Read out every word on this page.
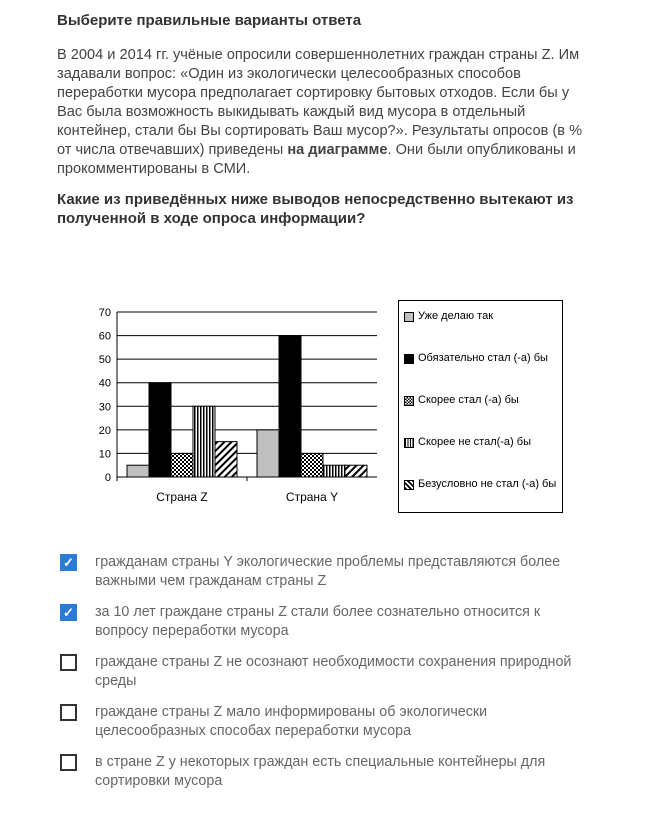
Выберите правильные варианты ответа
В 2004 и 2014 гг. учёные опросили совершеннолетних граждан страны Z. Им задавали вопрос: «Один из экологически целесообразных способов переработки мусора предполагает сортировку бытовых отходов. Если бы у Вас была возможность выкидывать каждый вид мусора в отдельный контейнер, стали бы Вы сортировать Ваш мусор?». Результаты опросов (в % от числа отвечавших) приведены на диаграмме. Они были опубликованы и прокомментированы в СМИ.
Какие из приведённых ниже выводов непосредственно вытекают из полученной в ходе опроса информации?
0
10
20
30
40
50
60
70
Страна Z	Страна Y
Уже делаю так
Обязательно стал (-а) бы
Скорее стал (-а) бы
Скорее не стал(-а) бы
Безусловно не стал (-а) бы
✓ гражданам страны Y экологические проблемы представляются более важными чем гражданам страны Z
✓ за 10 лет граждане страны Z стали более сознательно относится к вопросу переработки мусора
граждане страны Z не осознают необходимости сохранения природной среды
граждане страны Z мало информированы об экологически целесообразных способах переработки мусора
в стране Z у некоторых граждан есть специальные контейнеры для сортировки мусора
